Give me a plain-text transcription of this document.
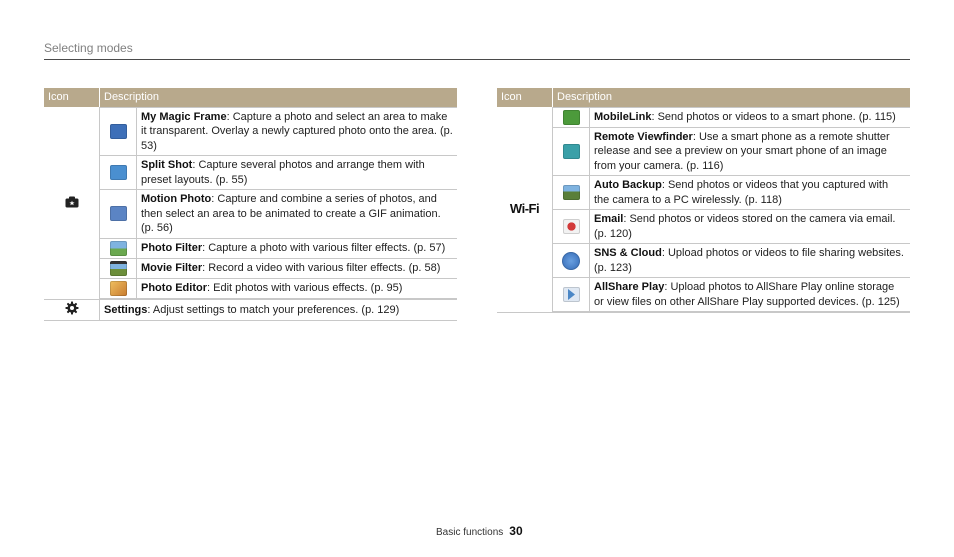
Selecting modes
Icon	Description

	My Magic Frame: Capture a photo and select an area to make it transparent. Overlay a newly captured photo onto the area. (p. 53)
	Split Shot: Capture several photos and arrange them with preset layouts. (p. 55)
	Motion Photo: Capture and combine a series of photos, and then select an area to be animated to create a GIF animation. (p. 56)
	Photo Filter: Capture a photo with various filter effects. (p. 57)
	Movie Filter: Record a video with various filter effects. (p. 58)
	Photo Editor: Edit photos with various effects. (p. 95)

	Settings: Adjust settings to match your preferences. (p. 129)
Icon	Description
Wi-Fi	
	MobileLink: Send photos or videos to a smart phone. (p. 115)
	Remote Viewfinder: Use a smart phone as a remote shutter release and see a preview on your smart phone of an image from your camera. (p. 116)
	Auto Backup: Send photos or videos that you captured with the camera to a PC wirelessly. (p. 118)
	Email: Send photos or videos stored on the camera via email. (p. 120)
	SNS & Cloud: Upload photos or videos to file sharing websites. (p. 123)
	AllShare Play: Upload photos to AllShare Play online storage or view files on other AllShare Play supported devices. (p. 125)
Basic functions 30
